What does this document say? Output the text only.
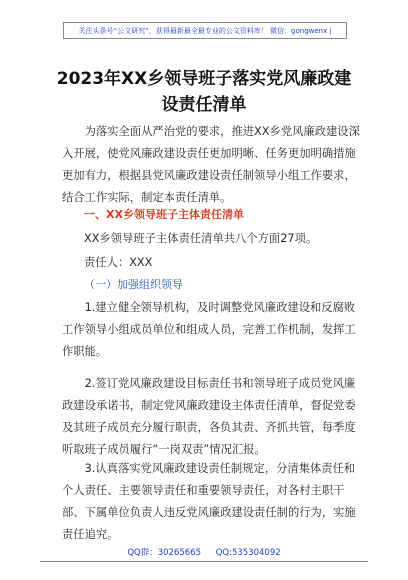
关注头条号“公文研究”，获得最新最全最专业的公文资料库！ 微信：gongwenx j
2023年XX乡领导班子落实党风廉政建
设责任清单
为落实全面从严治党的要求，推进XX乡党风廉政建设深入开展，使党风廉政建设责任更加明晰、任务更加明确措施更加有力，根据县党风廉政建设责任制领导小组工作要求，结合工作实际，制定本责任清单。
一、XX乡领导班子主体责任清单
XX乡领导班子主体责任清单共八个方面27项。
责任人：XXX
（一）加强组织领导
1.建立健全领导机构，及时调整党风廉政建设和反腐败工作领导小组成员单位和组成人员，完善工作机制，发挥工作职能。
2.签订党风廉政建设目标责任书和领导班子成员党风廉政建设承诺书，制定党风廉政建设主体责任清单，督促党委及其班子成员充分履行职责，各负其责、齐抓共管，每季度听取班子成员履行“一岗双责”情况汇报。
3.认真落实党风廉政建设责任制规定，分清集体责任和个人责任、主要领导责任和重要领导责任，对各村主职干部、下属单位负责人违反党风廉政建设责任制的行为，实施责任追究。
QQ群：30265665 QQ:535304092
